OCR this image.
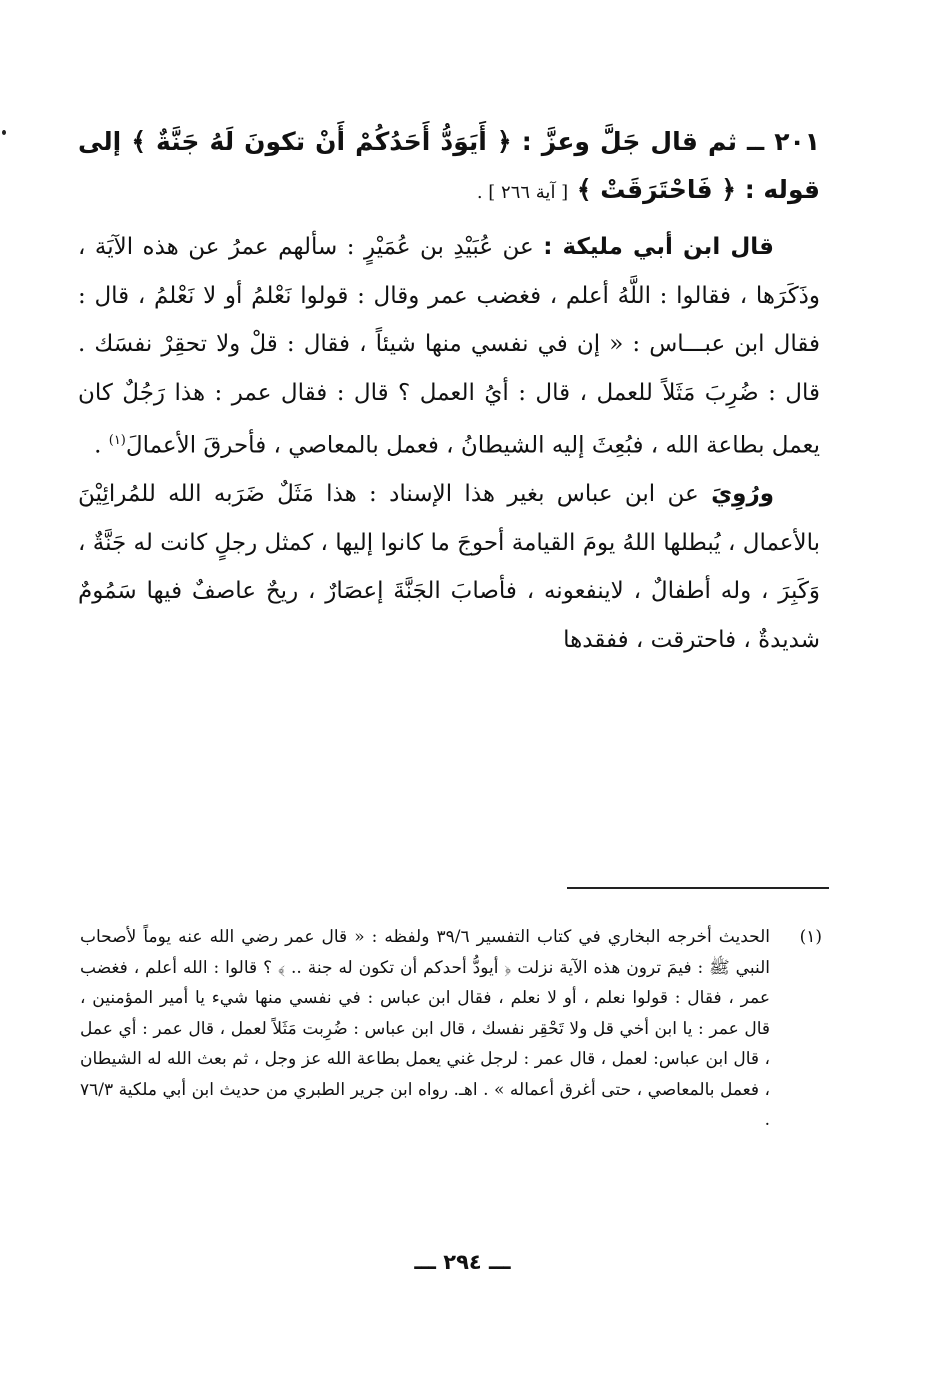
٢٠١ ــ ثم قال جَلَّ وعزَّ : ﴿ أَيَوَدُّ أَحَدُكُمْ أَنْ تكونَ لَهُ جَنَّةٌ ﴾ إلى قوله : ﴿ فَاحْتَرَقَتْ ﴾ [ آية ٢٦٦ ] .

قال ابن أبي مليكة : عن عُبَيْدِ بن عُمَيْرٍ : سألهم عمرُ عن هذه الآيَة ، وذَكَرَها ، فقالوا : اللَّهُ أعلم ، فغضب عمر وقال : قولوا نَعْلمُ أو لا نَعْلمُ ، قال : فقال ابن عبـــاس : « إن في نفسي منها شيئاً ، فقال : قلْ ولا تحقِرْ نفسَك . قال : ضُرِبَ مَثَلاً للعمل ، قال : أيُ العمل ؟ قال : فقال عمر : هذا رَجُلٌ كان يعمل بطاعة الله ، فبُعِثَ إليه الشيطانُ ، فعمل بالمعاصي ، فأحرقَ الأعمالَ$^{(١)}$ .

ورُوِيَ عن ابن عباس بغير هذا الإسناد : هذا مَثَلٌ ضَرَبه الله للمُرائِيْنَ بالأعمال ، يُبطلها اللهُ يومَ القيامة أحوجَ ما كانوا إليها ، كمثل رجلٍ كانت له جَنَّةٌ ، وَكَبِرَ ، وله أطفالٌ ، لاينفعونه ، فأصابَ الجَنَّةَ إعصَارٌ ، ريحٌ عاصفٌ فيها سَمُومٌ شديدةٌ ، فاحترقت ، ففقدها

(١)
الحديث أخرجه البخاري في كتاب التفسير ٣٩/٦ ولفظه : « قال عمر رضي الله عنه يوماً لأصحاب النبي ﷺ : فيمَ ترون هذه الآية نزلت ﴿ أيودُّ أحدكم أن تكون له جنة .. ﴾ ؟ قالوا : الله أعلم ، فغضب عمر ، فقال : قولوا نعلم ، أو لا نعلم ، فقال ابن عباس : في نفسي منها شيء يا أمير المؤمنين ، قال عمر : يا ابن أخي قل ولا تَحْقِر نفسك ، قال ابن عباس : ضُرِبت مَثَلاً لعمل ، قال عمر : أي عمل ، قال ابن عباس: لعمل ، قال عمر : لرجل غني يعمل بطاعة الله عز وجل ، ثم بعث الله له الشيطان ، فعمل بالمعاصي ، حتى أغرق أعماله » . اهـ. رواه ابن جرير الطبري من حديث ابن أبي ملكية ٧٦/٣ .
ـــ ٢٩٤ ـــ
